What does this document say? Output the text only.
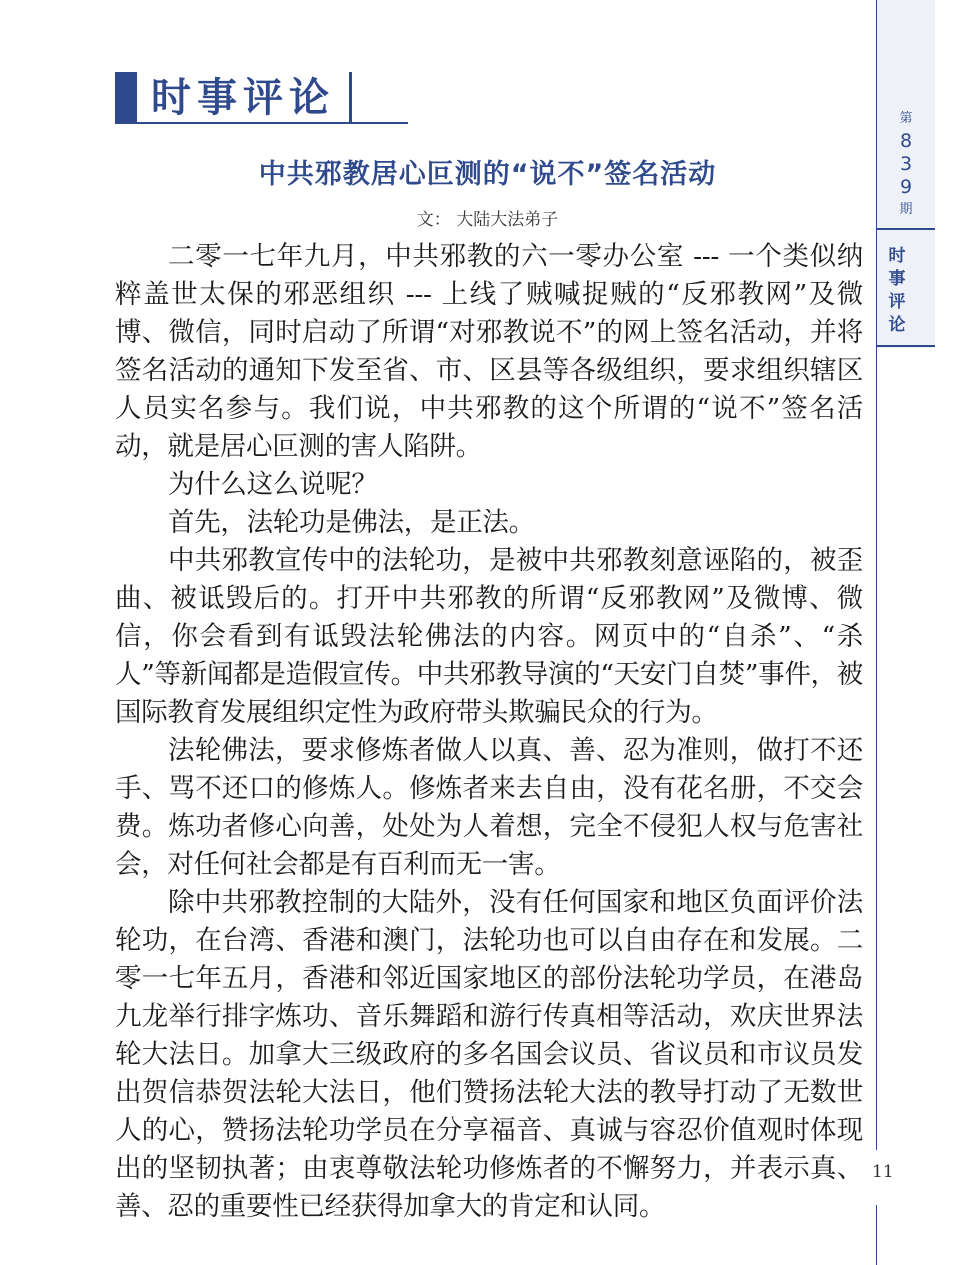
时事评论
中共邪教居心叵测的“说不”签名活动
文： 大陆大法弟子

二零一七年九月，中共邪教的六一零办公室 --- 一个类似纳粹盖世太保的邪恶组织 --- 上线了贼喊捉贼的“反邪教网”及微博、微信，同时启动了所谓“对邪教说不”的网上签名活动，并将签名活动的通知下发至省、市、区县等各级组织，要求组织辖区人员实名参与。我们说，中共邪教的这个所谓的“说不”签名活动，就是居心叵测的害人陷阱。

为什么这么说呢？

首先，法轮功是佛法，是正法。

中共邪教宣传中的法轮功，是被中共邪教刻意诬陷的，被歪曲、被诋毁后的。打开中共邪教的所谓“反邪教网”及微博、微信，你会看到有诋毁法轮佛法的内容。网页中的“自杀”、“杀人”等新闻都是造假宣传。中共邪教导演的“天安门自焚”事件，被国际教育发展组织定性为政府带头欺骗民众的行为。

法轮佛法，要求修炼者做人以真、善、忍为准则，做打不还手、骂不还口的修炼人。修炼者来去自由，没有花名册，不交会费。炼功者修心向善，处处为人着想，完全不侵犯人权与危害社会，对任何社会都是有百利而无一害。

除中共邪教控制的大陆外，没有任何国家和地区负面评价法轮功，在台湾、香港和澳门，法轮功也可以自由存在和发展。二零一七年五月，香港和邻近国家地区的部份法轮功学员，在港岛九龙举行排字炼功、音乐舞蹈和游行传真相等活动，欢庆世界法轮大法日。加拿大三级政府的多名国会议员、省议员和市议员发出贺信恭贺法轮大法日，他们赞扬法轮大法的教导打动了无数世人的心，赞扬法轮功学员在分享福音、真诚与容忍价值观时体现出的坚韧执著；由衷尊敬法轮功修炼者的不懈努力，并表示真、善、忍的重要性已经获得加拿大的肯定和认同。

第
8
3
9
期
时
事
评
论
11
